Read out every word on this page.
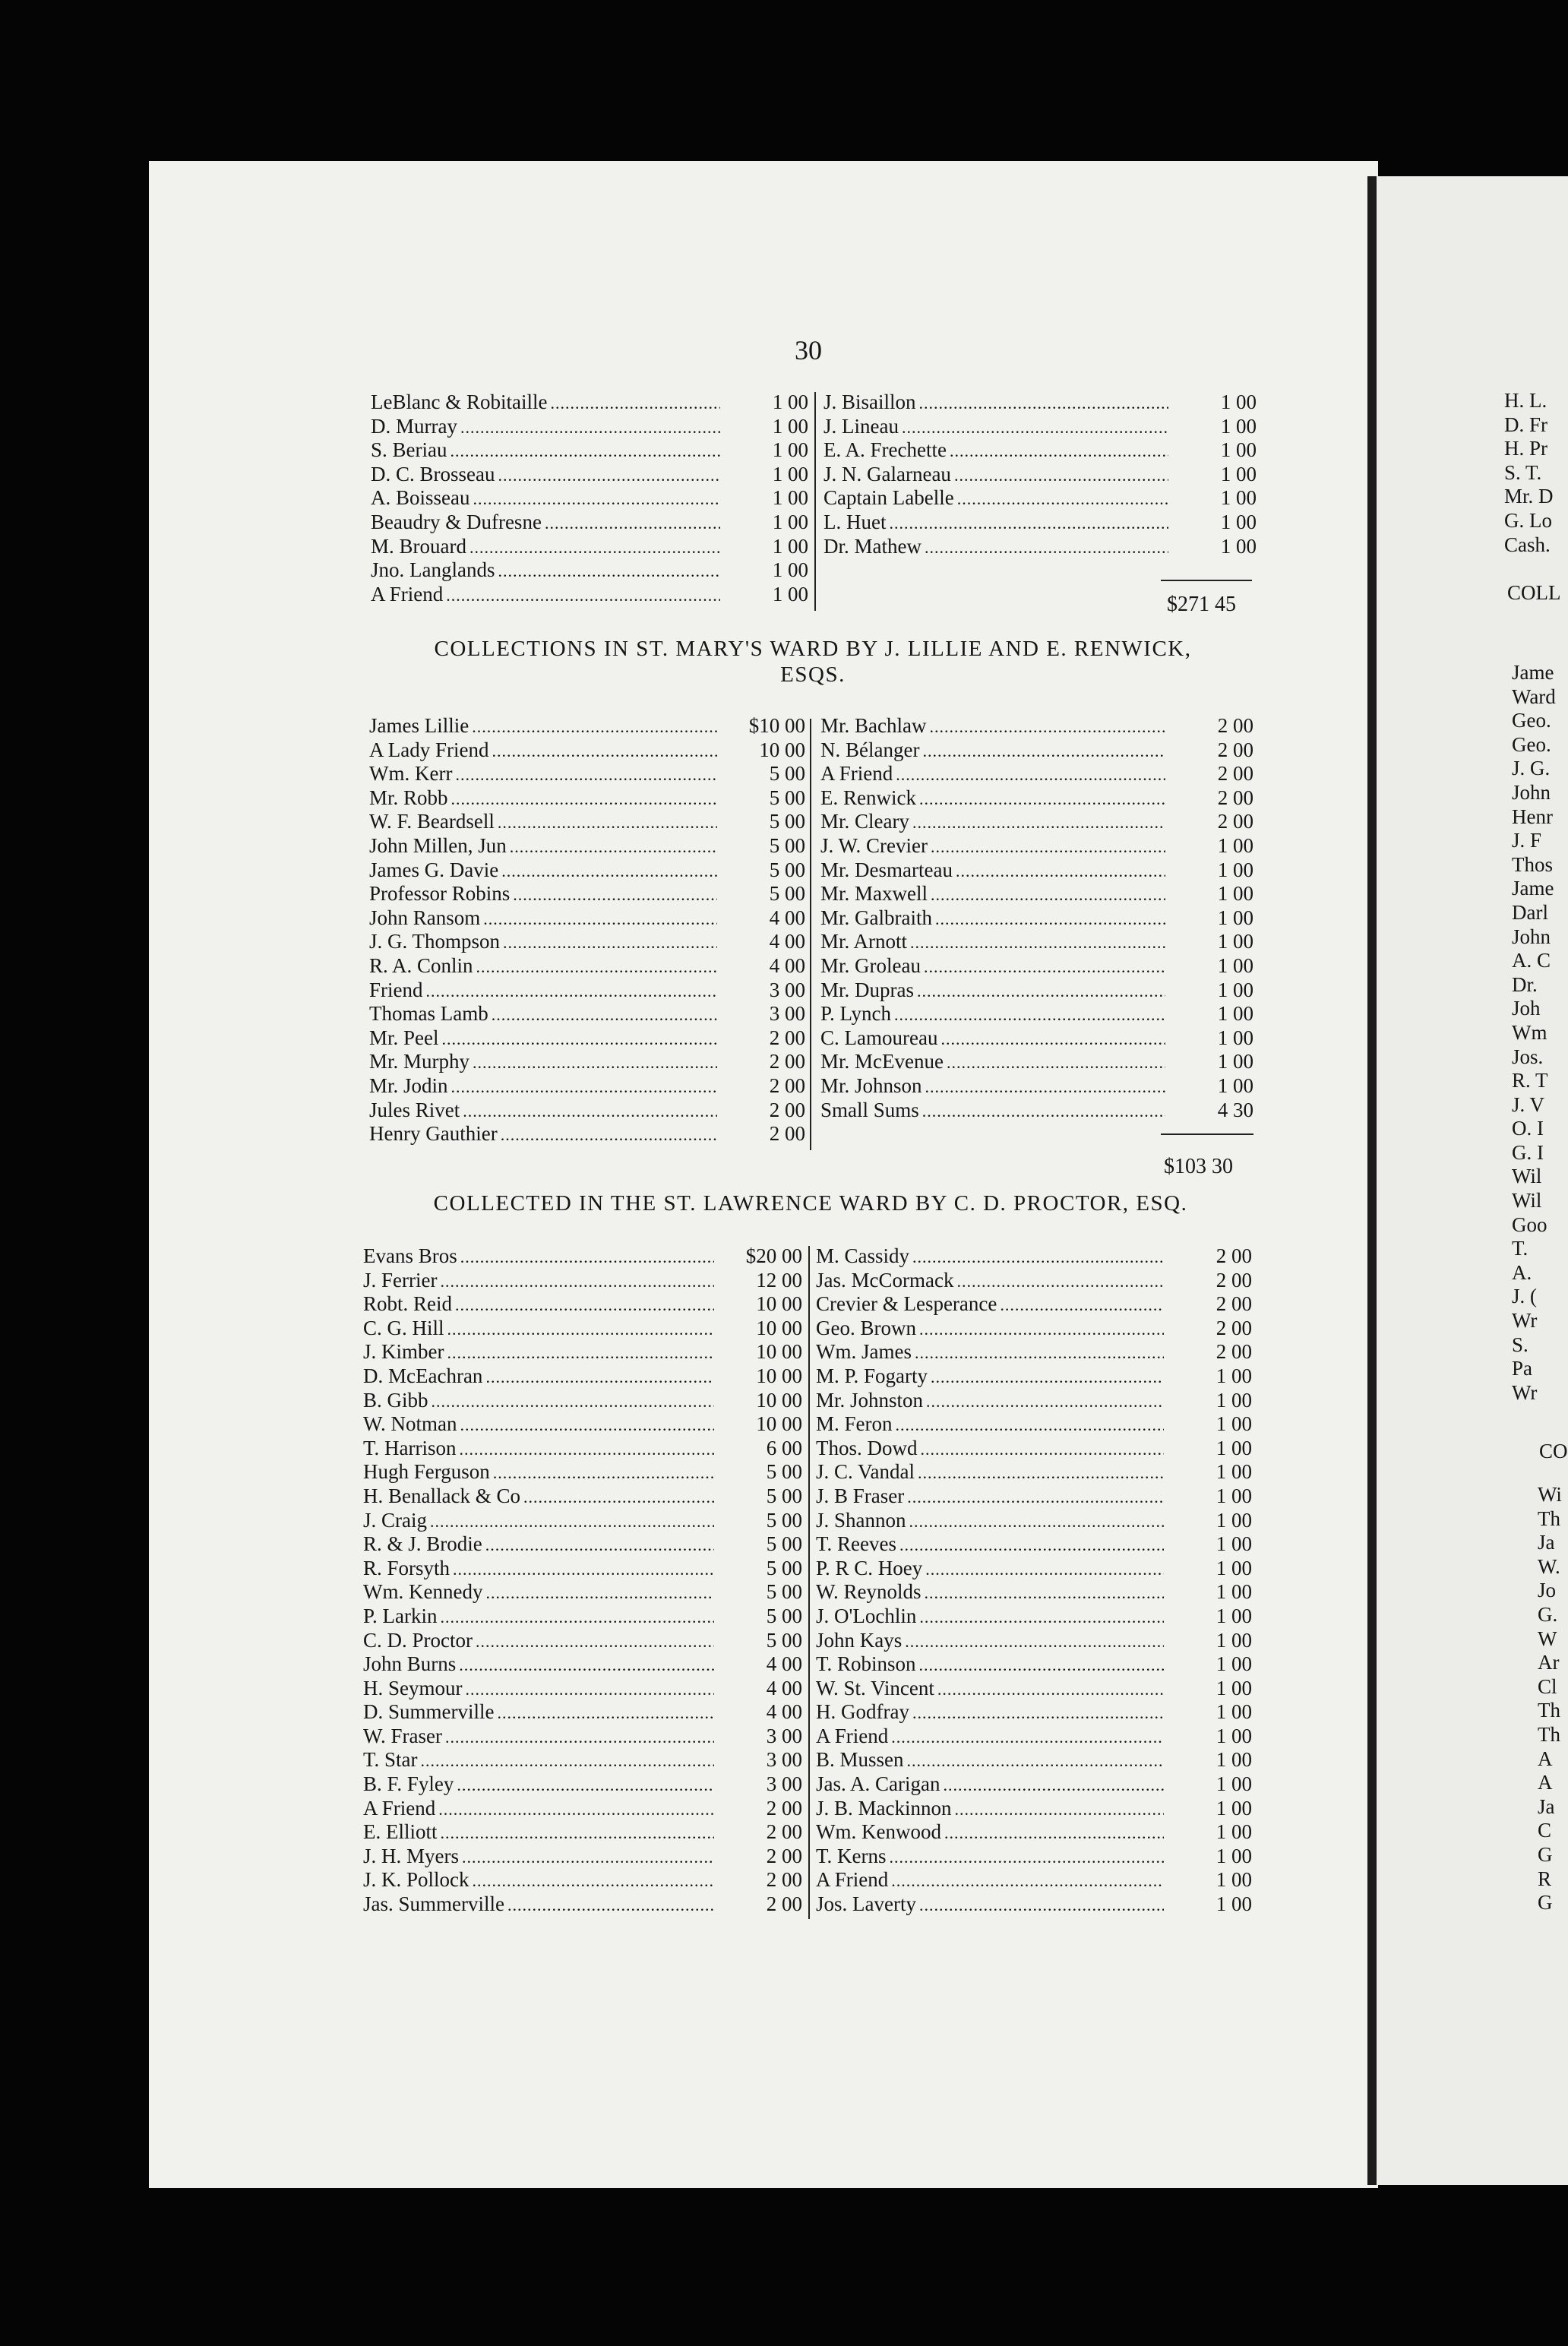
30
LeBlanc & Robitaille .....	1 00
D. Murray .....	1 00
S. Beriau .....	1 00
D. C. Brosseau .....	1 00
A. Boisseau .....	1 00
Beaudry & Dufresne .....	1 00
M. Brouard .....	1 00
Jno. Langlands .....	1 00
A Friend .....	1 00
J. Bisaillon .....	1 00
J. Lineau .....	1 00
E. A. Frechette .....	1 00
J. N. Galarneau .....	1 00
Captain Labelle .....	1 00
L. Huet .....	1 00
Dr. Mathew .....	1 00
$271 45
COLLECTIONS IN ST. MARY'S WARD BY J. LILLIE AND E. RENWICK,
ESQS.
James Lillie .....	$10 00
A Lady Friend .....	10 00
Wm. Kerr .....	5 00
Mr. Robb .....	5 00
W. F. Beardsell .....	5 00
John Millen, Jun .....	5 00
James G. Davie .....	5 00
Professor Robins .....	5 00
John Ransom .....	4 00
J. G. Thompson .....	4 00
R. A. Conlin .....	4 00
Friend .....	3 00
Thomas Lamb .....	3 00
Mr. Peel .....	2 00
Mr. Murphy .....	2 00
Mr. Jodin .....	2 00
Jules Rivet .....	2 00
Henry Gauthier .....	2 00
Mr. Bachlaw .....	2 00
N. Bélanger .....	2 00
A Friend .....	2 00
E. Renwick .....	2 00
Mr. Cleary .....	2 00
J. W. Crevier .....	1 00
Mr. Desmarteau .....	1 00
Mr. Maxwell .....	1 00
Mr. Galbraith .....	1 00
Mr. Arnott .....	1 00
Mr. Groleau .....	1 00
Mr. Dupras .....	1 00
P. Lynch .....	1 00
C. Lamoureau .....	1 00
Mr. McEvenue .....	1 00
Mr. Johnson .....	1 00
Small Sums .....	4 30
$103 30
COLLECTED IN THE ST. LAWRENCE WARD BY C. D. PROCTOR, ESQ.
Evans Bros .....	$20 00
J. Ferrier .....	12 00
Robt. Reid .....	10 00
C. G. Hill .....	10 00
J. Kimber .....	10 00
D. McEachran .....	10 00
B. Gibb .....	10 00
W. Notman .....	10 00
T. Harrison .....	6 00
Hugh Ferguson .....	5 00
H. Benallack & Co .....	5 00
J. Craig .....	5 00
R. & J. Brodie .....	5 00
R. Forsyth .....	5 00
Wm. Kennedy .....	5 00
P. Larkin .....	5 00
C. D. Proctor .....	5 00
John Burns .....	4 00
H. Seymour .....	4 00
D. Summerville .....	4 00
W. Fraser .....	3 00
T. Star .....	3 00
B. F. Fyley .....	3 00
A Friend .....	2 00
E. Elliott .....	2 00
J. H. Myers .....	2 00
J. K. Pollock .....	2 00
Jas. Summerville .....	2 00
M. Cassidy .....	2 00
Jas. McCormack .....	2 00
Crevier & Lesperance .....	2 00
Geo. Brown .....	2 00
Wm. James .....	2 00
M. P. Fogarty .....	1 00
Mr. Johnston .....	1 00
M. Feron .....	1 00
Thos. Dowd .....	1 00
J. C. Vandal .....	1 00
J. B Fraser .....	1 00
J. Shannon .....	1 00
T. Reeves .....	1 00
P. R C. Hoey .....	1 00
W. Reynolds .....	1 00
J. O'Lochlin .....	1 00
John Kays .....	1 00
T. Robinson .....	1 00
W. St. Vincent .....	1 00
H. Godfray .....	1 00
A Friend .....	1 00
B. Mussen .....	1 00
Jas. A. Carigan .....	1 00
J. B. Mackinnon .....	1 00
Wm. Kenwood .....	1 00
T. Kerns .....	1 00
A Friend .....	1 00
Jos. Laverty .....	1 00
H. L.
D. Fr
H. Pr
S. T.
Mr. D
G. Lo
Cash.
COLL
Jame
Ward
Geo.
Geo.
J. G.
John
Henr
J. F
Thos
Jame
Darl
John
A. C
Dr.
Joh
Wm
Jos.
R. T
J. V
O. I
G. I
Wil
Wil
Goo
T.
A.
J. (
Wr
S.
Pa
Wr
CO
Wi
Th
Ja
W.
Jo
G.
W
Ar
Cl
Th
Th
A
A
Ja
C
G
R
G
